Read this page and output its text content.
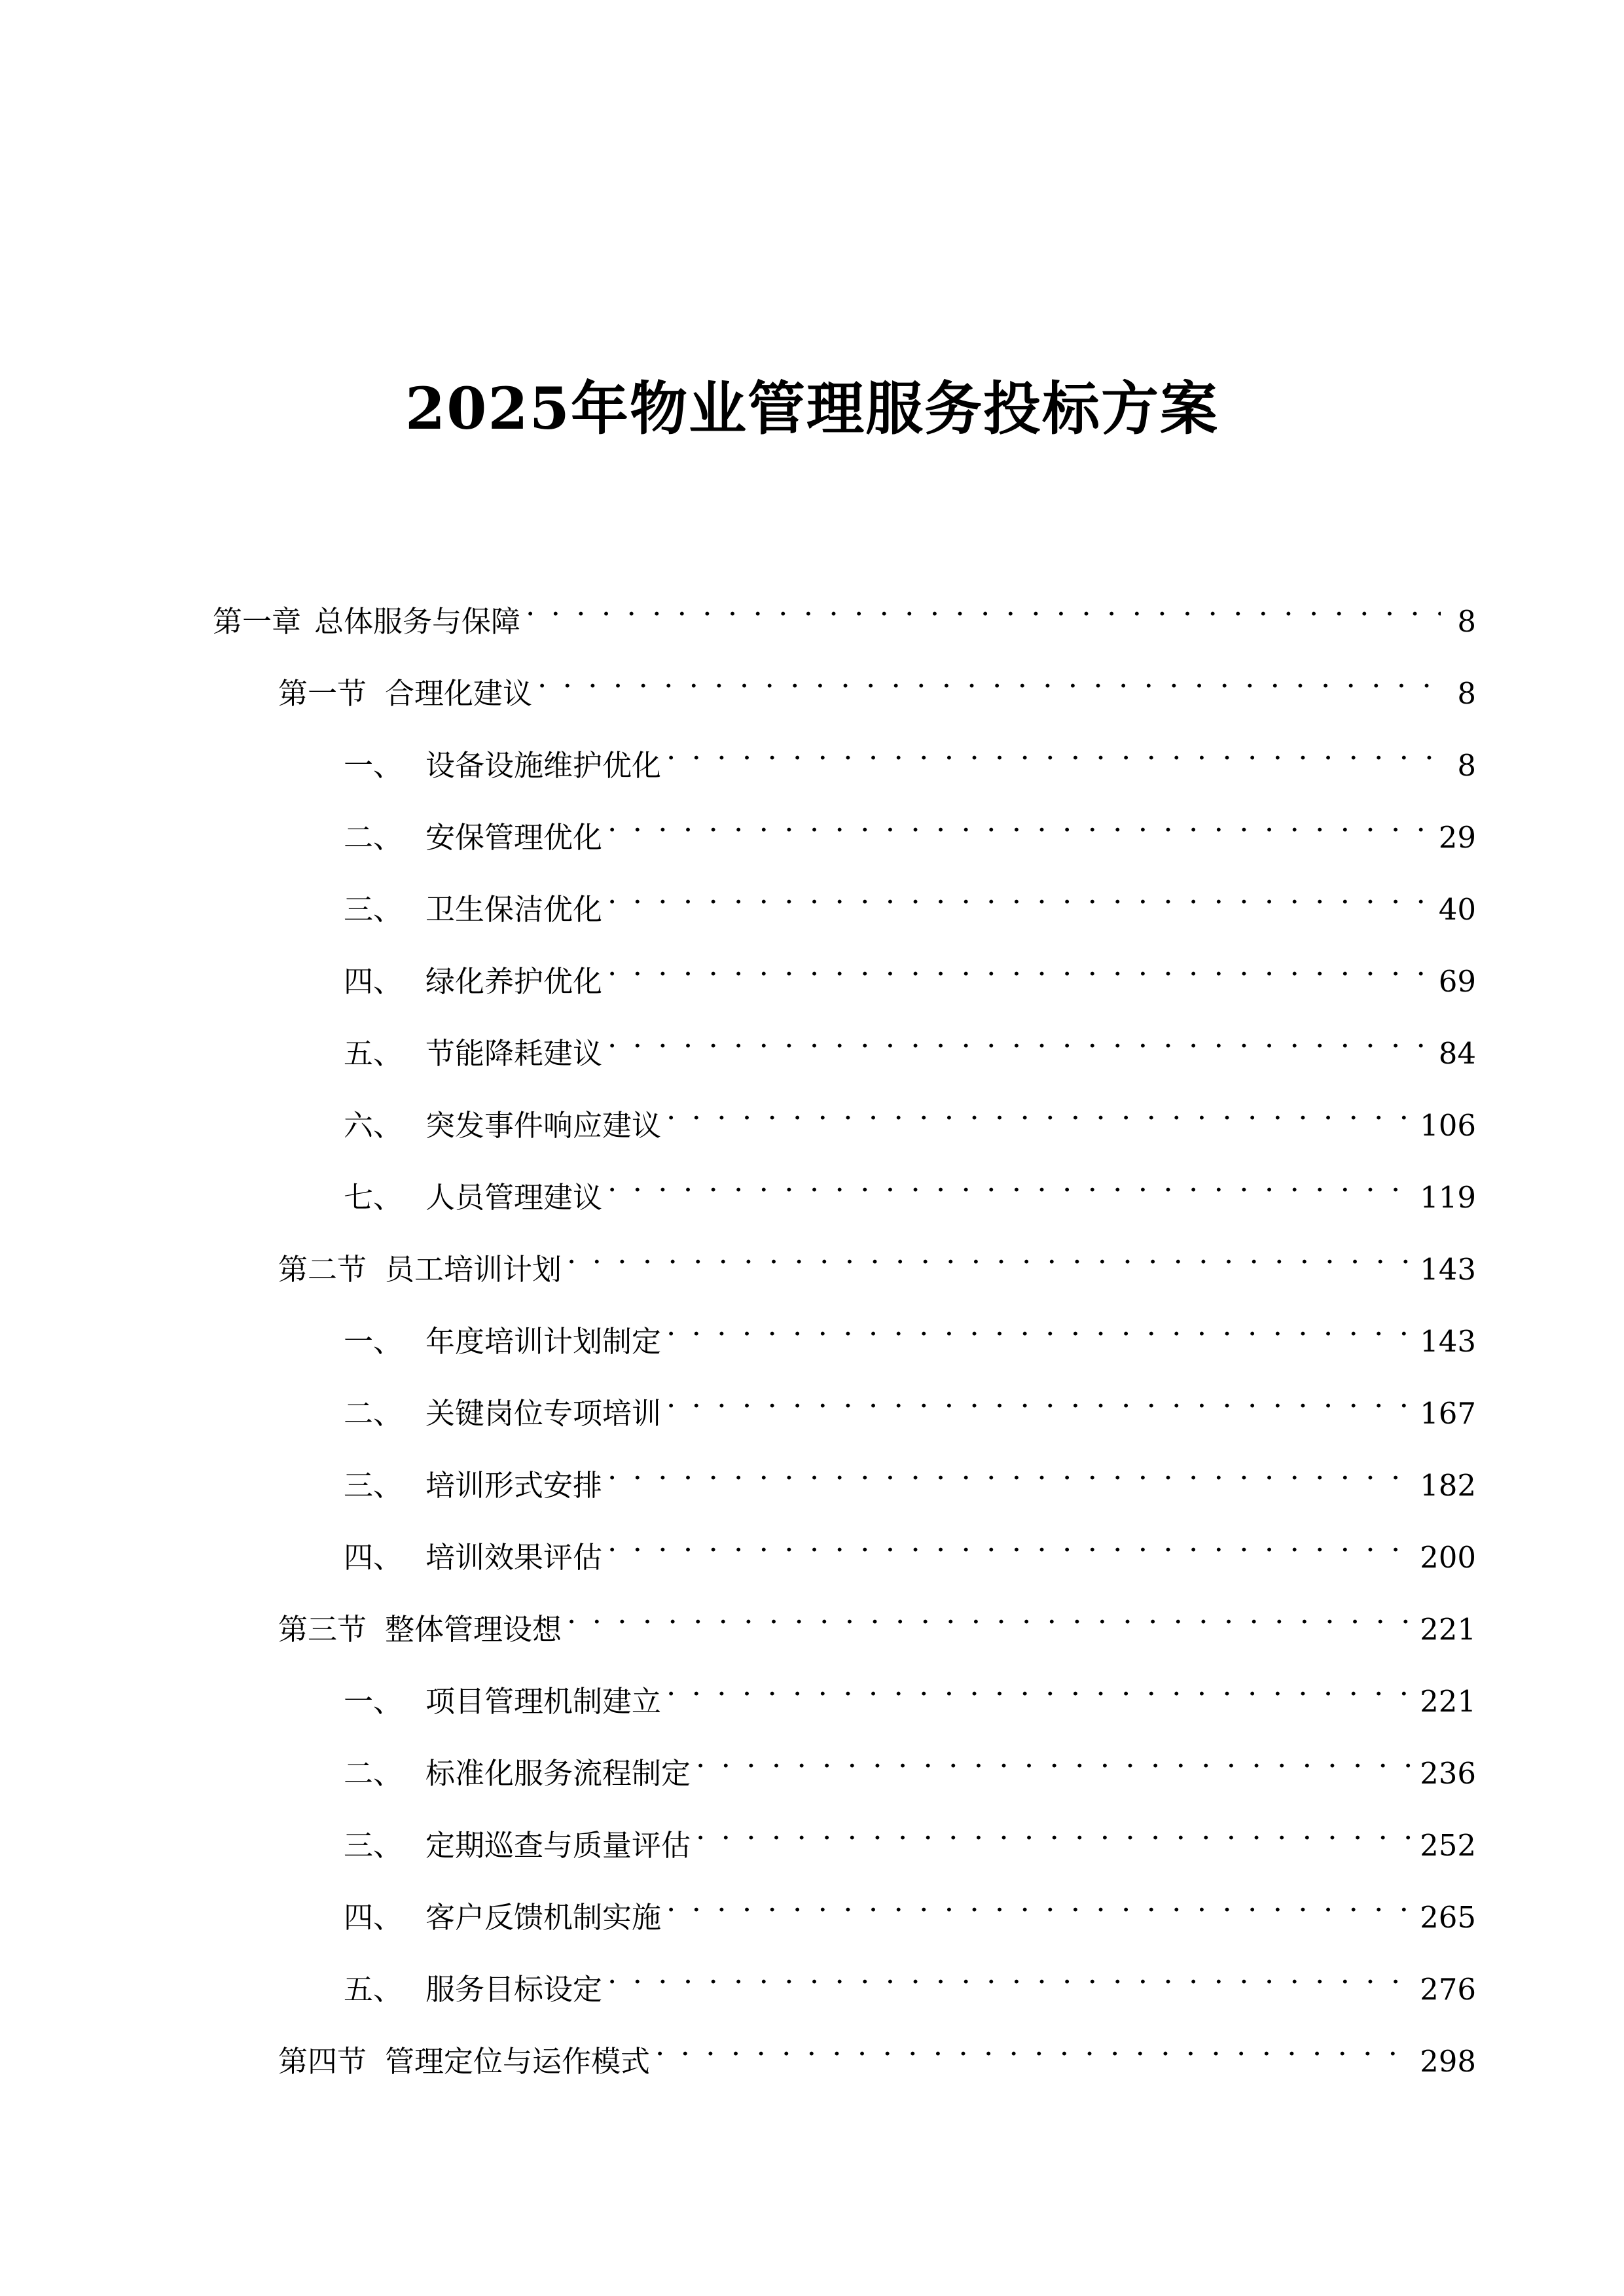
2025年物业管理服务投标方案
第一章 总体服务与保障 . . .	8
第一节 合理化建议 . . .	8
一、 设备设施维护优化 . . .	8
二、 安保管理优化 . . .	29
三、 卫生保洁优化 . . .	40
四、 绿化养护优化 . . .	69
五、 节能降耗建议 . . .	84
六、 突发事件响应建议 . . .	106
七、 人员管理建议 . . .	119
第二节 员工培训计划 . . .	143
一、 年度培训计划制定 . . .	143
二、 关键岗位专项培训 . . .	167
三、 培训形式安排 . . .	182
四、 培训效果评估 . . .	200
第三节 整体管理设想 . . .	221
一、 项目管理机制建立 . . .	221
二、 标准化服务流程制定 . . .	236
三、 定期巡查与质量评估 . . .	252
四、 客户反馈机制实施 . . .	265
五、 服务目标设定 . . .	276
第四节 管理定位与运作模式 . . .	298
